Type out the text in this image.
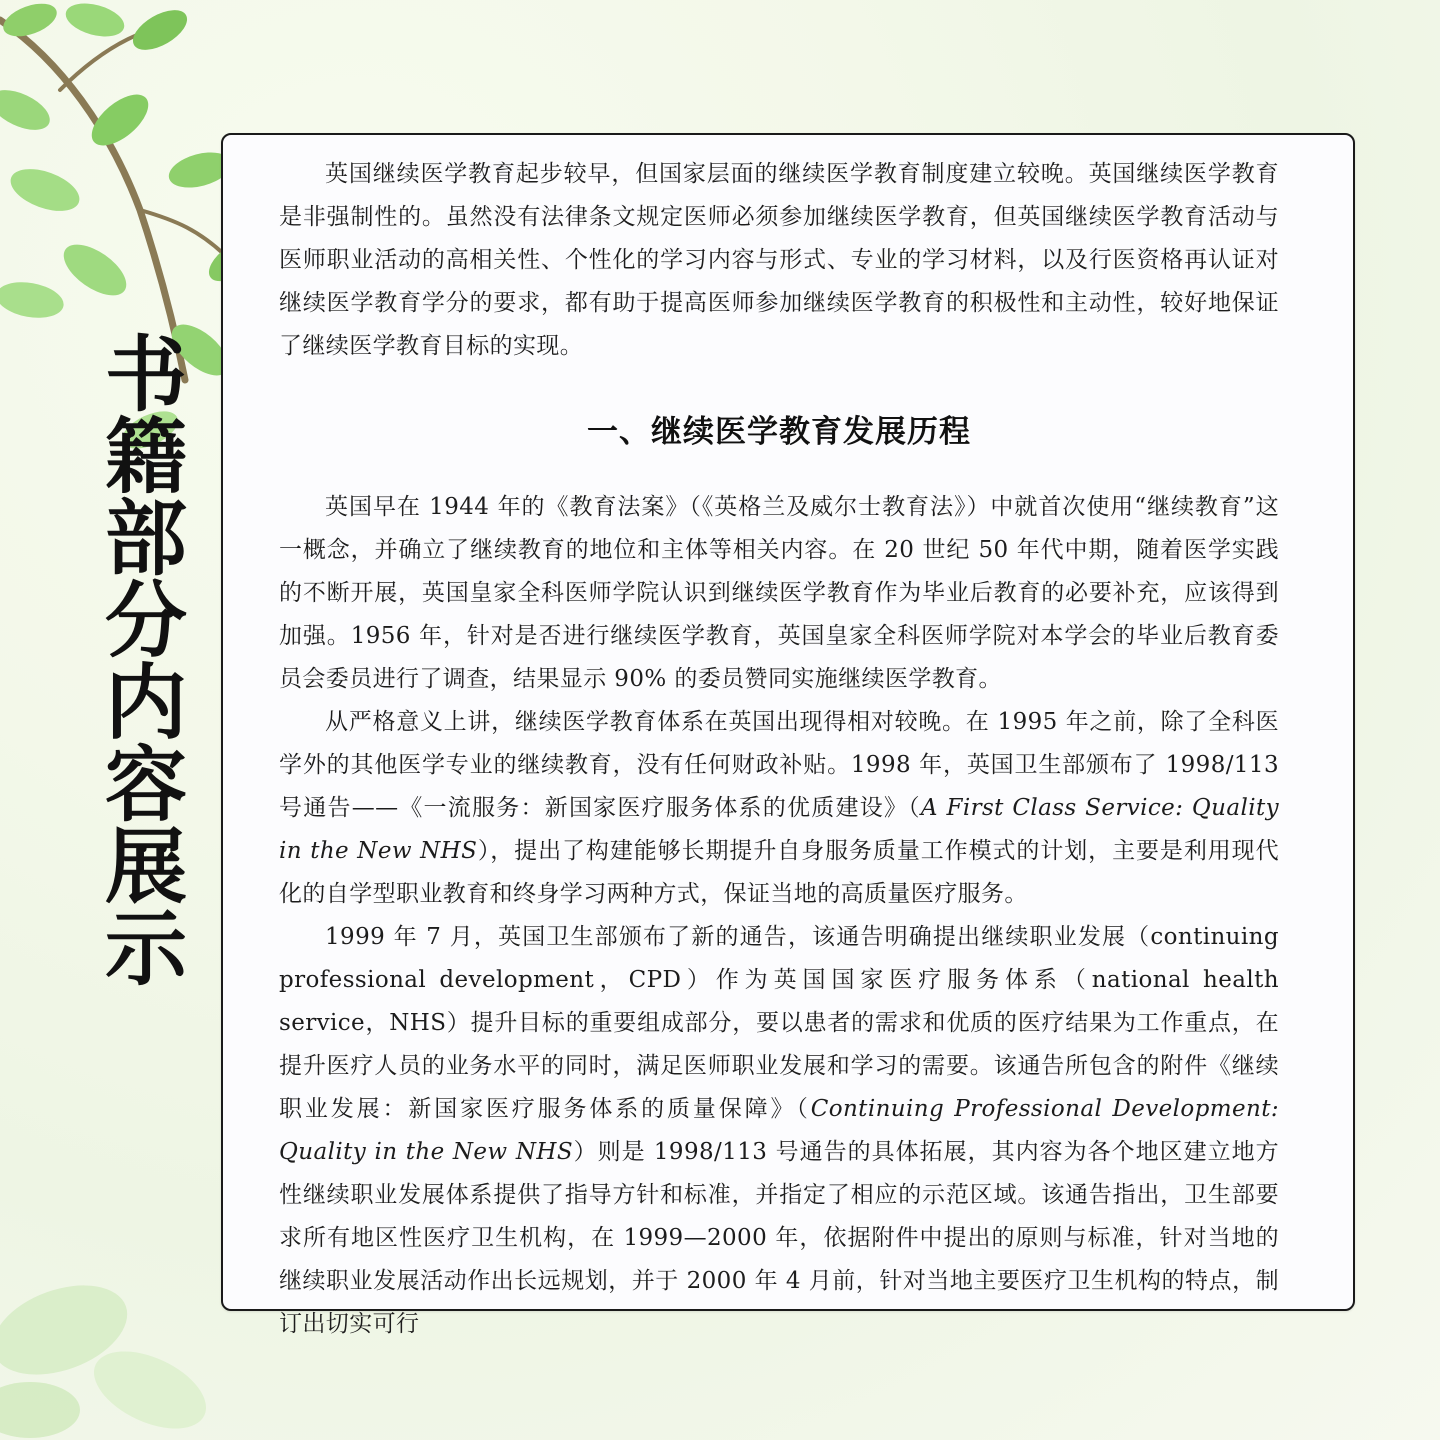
书籍部分内容展示

英国继续医学教育起步较早，但国家层面的继续医学教育制度建立较晚。英国继续医学教育是非强制性的。虽然没有法律条文规定医师必须参加继续医学教育，但英国继续医学教育活动与医师职业活动的高相关性、个性化的学习内容与形式、专业的学习材料，以及行医资格再认证对继续医学教育学分的要求，都有助于提高医师参加继续医学教育的积极性和主动性，较好地保证了继续医学教育目标的实现。

一、继续医学教育发展历程

英国早在 1944 年的《教育法案》（《英格兰及威尔士教育法》）中就首次使用“继续教育”这一概念，并确立了继续教育的地位和主体等相关内容。在 20 世纪 50 年代中期，随着医学实践的不断开展，英国皇家全科医师学院认识到继续医学教育作为毕业后教育的必要补充，应该得到加强。1956 年，针对是否进行继续医学教育，英国皇家全科医师学院对本学会的毕业后教育委员会委员进行了调查，结果显示 90% 的委员赞同实施继续医学教育。

从严格意义上讲，继续医学教育体系在英国出现得相对较晚。在 1995 年之前，除了全科医学外的其他医学专业的继续教育，没有任何财政补贴。1998 年，英国卫生部颁布了 1998/113 号通告——《一流服务：新国家医疗服务体系的优质建设》（A First Class Service: Quality in the New NHS），提出了构建能够长期提升自身服务质量工作模式的计划，主要是利用现代化的自学型职业教育和终身学习两种方式，保证当地的高质量医疗服务。

1999 年 7 月，英国卫生部颁布了新的通告，该通告明确提出继续职业发展（continuing professional development，CPD）作为英国国家医疗服务体系（national health service，NHS）提升目标的重要组成部分，要以患者的需求和优质的医疗结果为工作重点，在提升医疗人员的业务水平的同时，满足医师职业发展和学习的需要。该通告所包含的附件《继续职业发展：新国家医疗服务体系的质量保障》（Continuing Professional Development: Quality in the New NHS）则是 1998/113 号通告的具体拓展，其内容为各个地区建立地方性继续职业发展体系提供了指导方针和标准，并指定了相应的示范区域。该通告指出，卫生部要求所有地区性医疗卫生机构，在 1999—2000 年，依据附件中提出的原则与标准，针对当地的继续职业发展活动作出长远规划，并于 2000 年 4 月前，针对当地主要医疗卫生机构的特点，制订出切实可行
